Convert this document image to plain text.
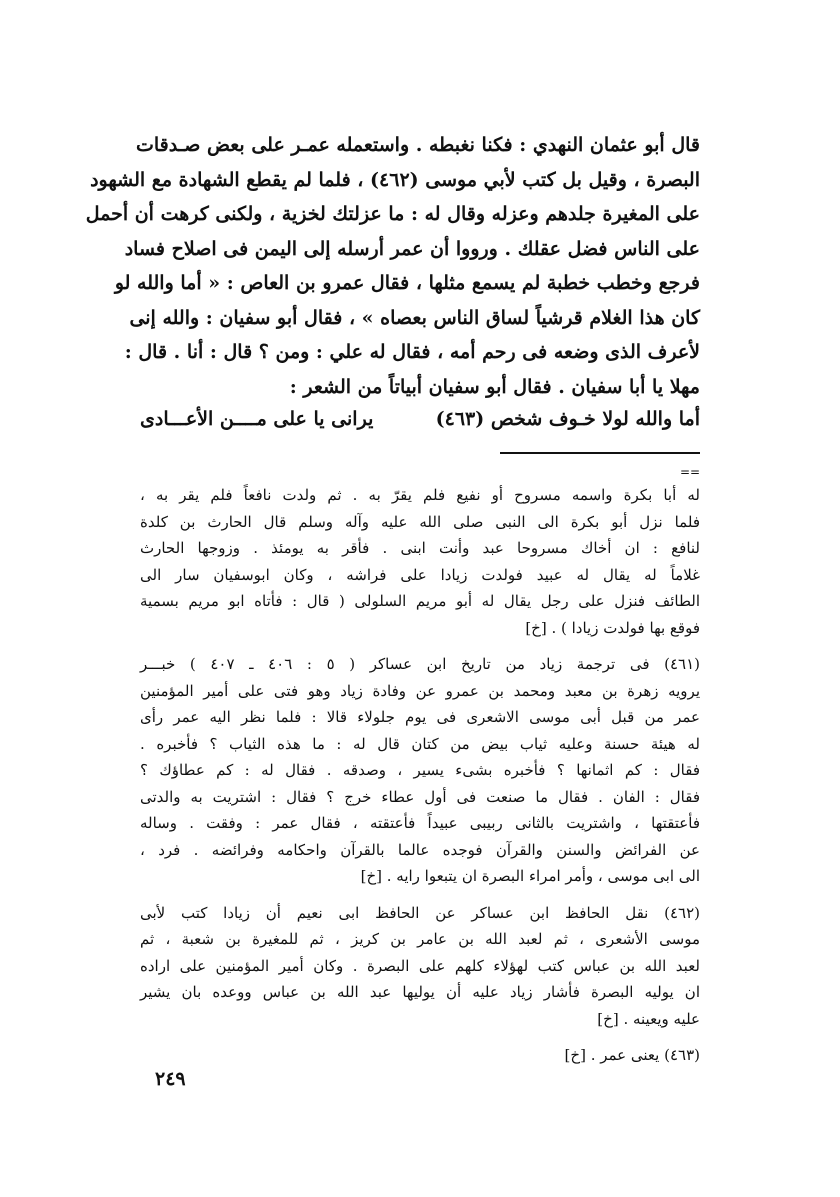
قال أبو عثمان النهدي : فكنا نغبطه . واستعمله عمـر على بعض صـدقات

البصرة ، وقيل بل كتب لأبي موسى (٤٦٢) ، فلما لم يقطع الشهادة مع الشهود

على المغيرة جلدهم وعزله وقال له : ما عزلتك لخزية ، ولكنى كرهت أن أحمل

على الناس فضل عقلك . ورووا أن عمر أرسله إلى اليمن فى اصلاح فساد

فرجع وخطب خطبة لم يسمع مثلها ، فقال عمرو بن العاص : « أما والله لو

كان هذا الغلام قرشياً لساق الناس بعصاه » ، فقال أبو سفيان : والله إنى

لأعرف الذى وضعه فى رحم أمه ، فقال له علي : ومن ؟ قال : أنا . قال :

مهلا يا أبا سفيان . فقال أبو سفيان أبياتاً من الشعر :

أما والله لولا خـوف شخص (٤٦٣)
يرانى يا على مــــن الأعـــادى
==

له أبا بكرة واسمه مسروح أو نفيع فلم يقرّ به . ثم ولدت نافعاً فلم يقر به ،

فلما نزل أبو بكرة الى النبى صلى الله عليه وآله وسلم قال الحارث بن كلدة

لنافع : ان أخاك مسروحا عبد وأنت ابنى . فأقر به يومئذ . وزوجها الحارث

غلاماً له يقال له عبيد فولدت زيادا على فراشه ، وكان ابوسفيان سار الى

الطائف فنزل على رجل يقال له أبو مريم السلولى ( قال : فأتاه ابو مريم بسمية

فوقع بها فولدت زيادا ) . [خ]

(٤٦١) فى ترجمة زياد من تاريخ ابن عساكر ( ٥ : ٤٠٦ ـ ٤٠٧ ) خبـــر

يرويه زهرة بن معبد ومحمد بن عمرو عن وفادة زياد وهو فتى على أمير المؤمنين

عمر من قبل أبى موسى الاشعرى فى يوم جلولاء قالا : فلما نظر اليه عمر رأى

له هيئة حسنة وعليه ثياب بيض من كتان قال له : ما هذه الثياب ؟ فأخبره .

فقال : كم اثمانها ؟ فأخبره بشىء يسير ، وصدقه . فقال له : كم عطاؤك ؟

فقال : الفان . فقال ما صنعت فى أول عطاء خرج ؟ فقال : اشتريت به والدتى

فأعتقتها ، واشتريت بالثانى ربيبى عبيداً فأعتقته ، فقال عمر : وفقت . وساله

عن الفرائض والسنن والقرآن فوجده عالما بالقرآن واحكامه وفرائضه . فرد ،

الى ابى موسى ، وأمر امراء البصرة ان يتبعوا رايه . [خ]

(٤٦٢) نقل الحافظ ابن عساكر عن الحافظ ابى نعيم أن زيادا كتب لأبى

موسى الأشعرى ، ثم لعبد الله بن عامر بن كريز ، ثم للمغيرة بن شعبة ، ثم

لعبد الله بن عباس كتب لهؤلاء كلهم على البصرة . وكان أمير المؤمنين على اراده

ان يوليه البصرة فأشار زياد عليه أن يوليها عبد الله بن عباس ووعده بان يشير

عليه ويعينه . [خ]

(٤٦٣) يعنى عمر . [خ]

٢٤٩
